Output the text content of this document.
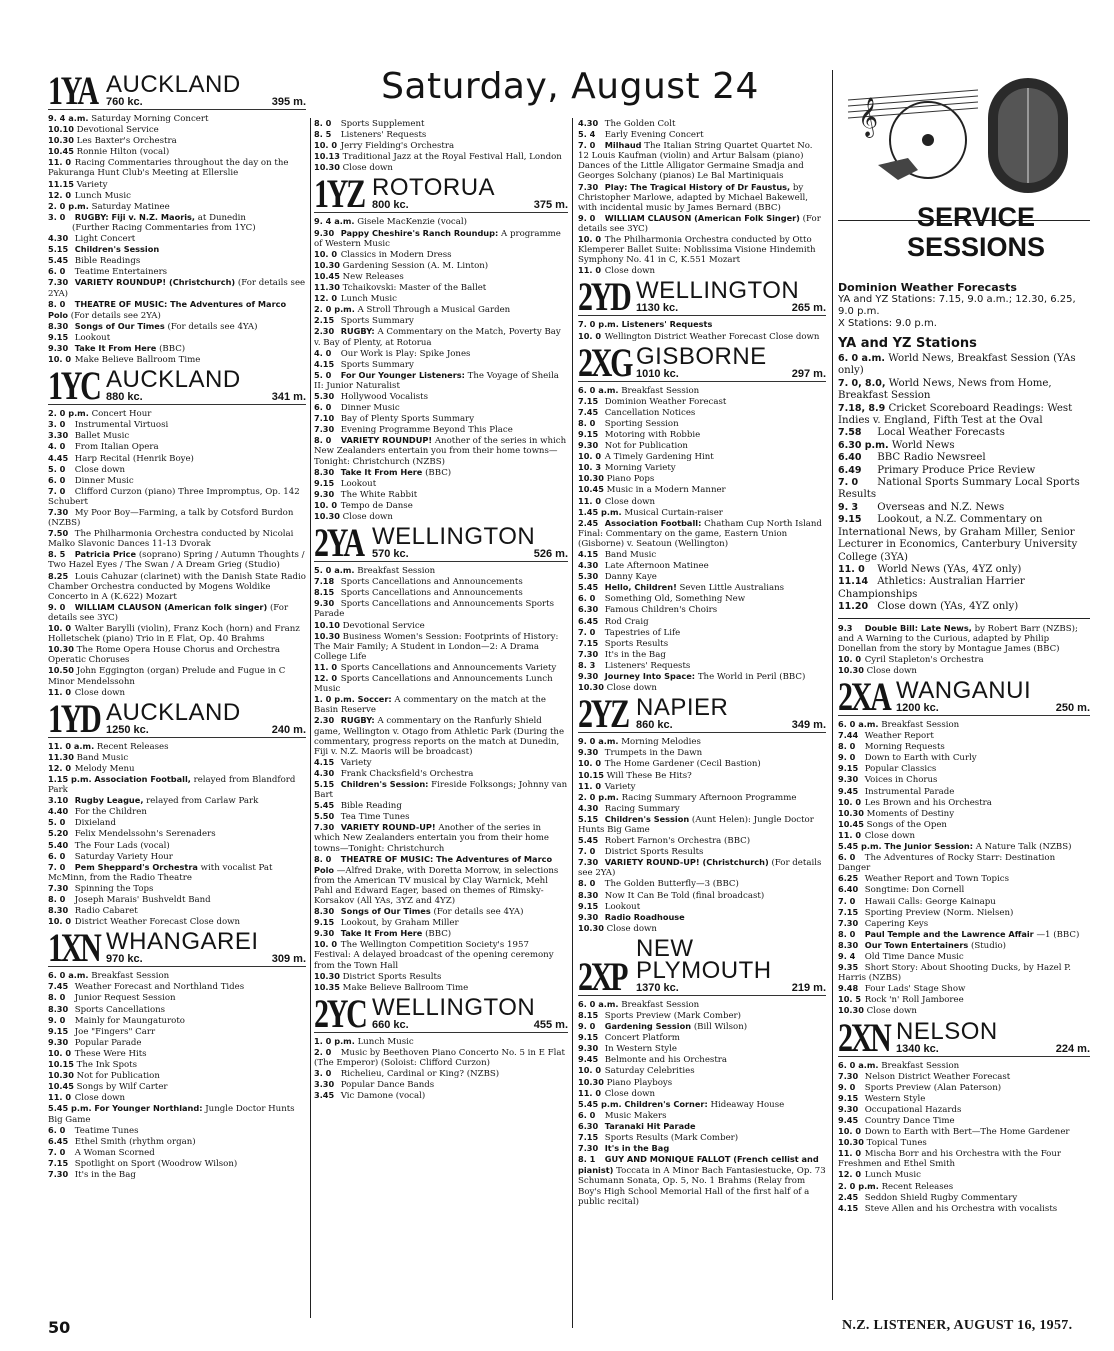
Saturday, August 24
1YA AUCKLAND
760 kc.	395 m.

9. 4 a.m. Saturday Morning Concert

10.10 Devotional Service

10.30 Les Baxter's Orchestra

10.45 Ronnie Hilton (vocal)

11. 0 Racing Commentaries throughout the day on the Pakuranga Hunt Club's Meeting at Ellerslie

11.15 Variety

12. 0 Lunch Music

2. 0 p.m. Saturday Matinee

3. 0 RUGBY: Fiji v. N.Z. Maoris, at Dunedin

(Further Racing Commentaries from 1YC)

4.30 Light Concert

5.15 Children's Session

5.45 Bible Readings

6. 0 Teatime Entertainers

7.30 VARIETY ROUNDUP! (Christchurch) (For details see 2YA)

8. 0 THEATRE OF MUSIC: The Adventures of Marco Polo (For details see 2YA)

8.30 Songs of Our Times (For details see 4YA)

9.15 Lookout

9.30 Take It From Here (BBC)

10. 0 Make Believe Ballroom Time

1YC AUCKLAND
880 kc.	341 m.

2. 0 p.m. Concert Hour

3. 0 Instrumental Virtuosi

3.30 Ballet Music

4. 0 From Italian Opera

4.45 Harp Recital (Henrik Boye)

5. 0 Close down

6. 0 Dinner Music

7. 0 Clifford Curzon (piano) Three Impromptus, Op. 142 Schubert

7.30 My Poor Boy—Farming, a talk by Cotsford Burdon (NZBS)

7.50 The Philharmonia Orchestra conducted by Nicolai Malko Slavonic Dances 11-13 Dvorak

8. 5 Patricia Price (soprano) Spring / Autumn Thoughts / Two Hazel Eyes / The Swan / A Dream Grieg (Studio)

8.25 Louis Cahuzar (clarinet) with the Danish State Radio Chamber Orchestra conducted by Mogens Woldike Concerto in A (K.622) Mozart

9. 0 WILLIAM CLAUSON (American folk singer) (For details see 3YC)

10. 0 Walter Barylli (violin), Franz Koch (horn) and Franz Holletschek (piano) Trio in E Flat, Op. 40 Brahms

10.30 The Rome Opera House Chorus and Orchestra Operatic Choruses

10.50 John Eggington (organ) Prelude and Fugue in C Minor Mendelssohn

11. 0 Close down

1YD AUCKLAND
1250 kc.	240 m.

11. 0 a.m. Recent Releases

11.30 Band Music

12. 0 Melody Menu

1.15 p.m. Association Football, relayed from Blandford Park

3.10 Rugby League, relayed from Carlaw Park

4.40 For the Children

5. 0 Dixieland

5.20 Felix Mendelssohn's Serenaders

5.40 The Four Lads (vocal)

6. 0 Saturday Variety Hour

7. 0 Pem Sheppard's Orchestra with vocalist Pat McMinn, from the Radio Theatre

7.30 Spinning the Tops

8. 0 Joseph Marais' Bushveldt Band

8.30 Radio Cabaret

10. 0 District Weather Forecast Close down

1XN WHANGAREI
970 kc.	309 m.

6. 0 a.m. Breakfast Session

7.45 Weather Forecast and Northland Tides

8. 0 Junior Request Session

8.30 Sports Cancellations

9. 0 Mainly for Maungaturoto

9.15 Joe "Fingers" Carr

9.30 Popular Parade

10. 0 These Were Hits

10.15 The Ink Spots

10.30 Not for Publication

10.45 Songs by Wilf Carter

11. 0 Close down

5.45 p.m. For Younger Northland: Jungle Doctor Hunts Big Game

6. 0 Teatime Tunes

6.45 Ethel Smith (rhythm organ)

7. 0 A Woman Scorned

7.15 Spotlight on Sport (Woodrow Wilson)

7.30 It's in the Bag

8. 0 Sports Supplement

8. 5 Listeners' Requests

10. 0 Jerry Fielding's Orchestra

10.13 Traditional Jazz at the Royal Festival Hall, London

10.30 Close down

1YZ ROTORUA
800 kc.	375 m.

9. 4 a.m. Gisele MacKenzie (vocal)

9.30 Pappy Cheshire's Ranch Roundup: A programme of Western Music

10. 0 Classics in Modern Dress

10.30 Gardening Session (A. M. Linton)

10.45 New Releases

11.30 Tchaikovski: Master of the Ballet

12. 0 Lunch Music

2. 0 p.m. A Stroll Through a Musical Garden

2.15 Sports Summary

2.30 RUGBY: A Commentary on the Match, Poverty Bay v. Bay of Plenty, at Rotorua

4. 0 Our Work is Play: Spike Jones

4.15 Sports Summary

5. 0 For Our Younger Listeners: The Voyage of Sheila II: Junior Naturalist

5.30 Hollywood Vocalists

6. 0 Dinner Music

7.10 Bay of Plenty Sports Summary

7.30 Evening Programme Beyond This Place

8. 0 VARIETY ROUNDUP! Another of the series in which New Zealanders entertain you from their home towns—Tonight: Christchurch (NZBS)

8.30 Take It From Here (BBC)

9.15 Lookout

9.30 The White Rabbit

10. 0 Tempo de Danse

10.30 Close down

2YA WELLINGTON
570 kc.	526 m.

5. 0 a.m. Breakfast Session

7.18 Sports Cancellations and Announcements

8.15 Sports Cancellations and Announcements

9.30 Sports Cancellations and Announcements Sports Parade

10.10 Devotional Service

10.30 Business Women's Session: Footprints of History: The Mair Family; A Student in London—2: A Drama College Life

11. 0 Sports Cancellations and Announcements Variety

12. 0 Sports Cancellations and Announcements Lunch Music

1. 0 p.m. Soccer: A commentary on the match at the Basin Reserve

2.30 RUGBY: A commentary on the Ranfurly Shield game, Wellington v. Otago from Athletic Park (During the commentary, progress reports on the match at Dunedin, Fiji v. N.Z. Maoris will be broadcast)

4.15 Variety

4.30 Frank Chacksfield's Orchestra

5.15 Children's Session: Fireside Folksongs; Johnny van Bart

5.45 Bible Reading

5.50 Tea Time Tunes

7.30 VARIETY ROUND-UP! Another of the series in which New Zealanders entertain you from their home towns—Tonight: Christchurch

8. 0 THEATRE OF MUSIC: The Adventures of Marco Polo —Alfred Drake, with Doretta Morrow, in selections from the American TV musical by Clay Warnick, Mehl Pahl and Edward Eager, based on themes of Rimsky-Korsakov (All YAs, 3YZ and 4YZ)

8.30 Songs of Our Times (For details see 4YA)

9.15 Lookout, by Graham Miller

9.30 Take It From Here (BBC)

10. 0 The Wellington Competition Society's 1957 Festival: A delayed broadcast of the opening ceremony from the Town Hall

10.30 District Sports Results

10.35 Make Believe Ballroom Time

2YC WELLINGTON
660 kc.	455 m.

1. 0 p.m. Lunch Music

2. 0 Music by Beethoven Piano Concerto No. 5 in E Flat (The Emperor) (Soloist: Clifford Curzon)

3. 0 Richelieu, Cardinal or King? (NZBS)

3.30 Popular Dance Bands

3.45 Vic Damone (vocal)

4.30 The Golden Colt

5. 4 Early Evening Concert

7. 0 Milhaud The Italian String Quartet Quartet No. 12 Louis Kaufman (violin) and Artur Balsam (piano) Dances of the Little Alligator Germaine Smadja and Georges Solchany (pianos) Le Bal Martiniquais

7.30 Play: The Tragical History of Dr Faustus, by Christopher Marlowe, adapted by Michael Bakewell, with incidental music by James Bernard (BBC)

9. 0 WILLIAM CLAUSON (American Folk Singer) (For details see 3YC)

10. 0 The Philharmonia Orchestra conducted by Otto Klemperer Ballet Suite: Noblissima Visione Hindemith Symphony No. 41 in C, K.551 Mozart

11. 0 Close down

2YD WELLINGTON
1130 kc.	265 m.

7. 0 p.m. Listeners' Requests

10. 0 Wellington District Weather Forecast Close down

2XG GISBORNE
1010 kc.	297 m.

6. 0 a.m. Breakfast Session

7.15 Dominion Weather Forecast

7.45 Cancellation Notices

8. 0 Sporting Session

9.15 Motoring with Robbie

9.30 Not for Publication

10. 0 A Timely Gardening Hint

10. 3 Morning Variety

10.30 Piano Pops

10.45 Music in a Modern Manner

11. 0 Close down

1.45 p.m. Musical Curtain-raiser

2.45 Association Football: Chatham Cup North Island Final: Commentary on the game, Eastern Union (Gisborne) v. Seatoun (Wellington)

4.15 Band Music

4.30 Late Afternoon Matinee

5.30 Danny Kaye

5.45 Hello, Children! Seven Little Australians

6. 0 Something Old, Something New

6.30 Famous Children's Choirs

6.45 Rod Craig

7. 0 Tapestries of Life

7.15 Sports Results

7.30 It's in the Bag

8. 3 Listeners' Requests

9.30 Journey Into Space: The World in Peril (BBC)

10.30 Close down

2YZ NAPIER
860 kc.	349 m.

9. 0 a.m. Morning Melodies

9.30 Trumpets in the Dawn

10. 0 The Home Gardener (Cecil Bastion)

10.15 Will These Be Hits?

11. 0 Variety

2. 0 p.m. Racing Summary Afternoon Programme

4.30 Racing Summary

5.15 Children's Session (Aunt Helen): Jungle Doctor Hunts Big Game

5.45 Robert Farnon's Orchestra (BBC)

7. 0 District Sports Results

7.30 VARIETY ROUND-UP! (Christchurch) (For details see 2YA)

8. 0 The Golden Butterfly—3 (BBC)

8.30 Now It Can Be Told (final broadcast)

9.15 Lookout

9.30 Radio Roadhouse

10.30 Close down

2XP
NEW PLYMOUTH
1370 kc.	219 m.

6. 0 a.m. Breakfast Session

8.15 Sports Preview (Mark Comber)

9. 0 Gardening Session (Bill Wilson)

9.15 Concert Platform

9.30 In Western Style

9.45 Belmonte and his Orchestra

10. 0 Saturday Celebrities

10.30 Piano Playboys

11. 0 Close down

5.45 p.m. Children's Corner: Hideaway House

6. 0 Music Makers

6.30 Taranaki Hit Parade

7.15 Sports Results (Mark Comber)

7.30 It's in the Bag

8. 1 GUY AND MONIQUE FALLOT (French cellist and pianist) Toccata in A Minor Bach Fantasiestucke, Op. 73 Schumann Sonata, Op. 5, No. 1 Brahms (Relay from Boy's High School Memorial Hall of the first half of a public recital)

𝄞
SERVICE SESSIONS
Dominion Weather Forecasts
YA and YZ Stations: 7.15, 9.0 a.m.; 12.30, 6.25, 9.0 p.m.
X Stations: 9.0 p.m.
YA and YZ Stations

6. 0 a.m. World News, Breakfast Session (YAs only)

7. 0, 8.0, World News, News from Home, Breakfast Session

7.18, 8.9 Cricket Scoreboard Readings: West Indies v. England, Fifth Test at the Oval

7.58 Local Weather Forecasts

6.30 p.m. World News

6.40 BBC Radio Newsreel

6.49 Primary Produce Price Review

7. 0 National Sports Summary Local Sports Results

9. 3 Overseas and N.Z. News

9.15 Lookout, a N.Z. Commentary on International News, by Graham Miller, Senior Lecturer in Economics, Canterbury University College (3YA)

11. 0 World News (YAs, 4YZ only)

11.14 Athletics: Australian Harrier Championships

11.20 Close down (YAs, 4YZ only)

9.3 Double Bill: Late News, by Robert Barr (NZBS); and A Warning to the Curious, adapted by Philip Donellan from the story by Montague James (BBC)

10. 0 Cyril Stapleton's Orchestra

10.30 Close down

2XA WANGANUI
1200 kc.	250 m.

6. 0 a.m. Breakfast Session

7.44 Weather Report

8. 0 Morning Requests

9. 0 Down to Earth with Curly

9.15 Popular Classics

9.30 Voices in Chorus

9.45 Instrumental Parade

10. 0 Les Brown and his Orchestra

10.30 Moments of Destiny

10.45 Songs of the Open

11. 0 Close down

5.45 p.m. The Junior Session: A Nature Talk (NZBS)

6. 0 The Adventures of Rocky Starr: Destination Danger

6.25 Weather Report and Town Topics

6.40 Songtime: Don Cornell

7. 0 Hawaii Calls: George Kainapu

7.15 Sporting Preview (Norm. Nielsen)

7.30 Capering Keys

8. 0 Paul Temple and the Lawrence Affair —1 (BBC)

8.30 Our Town Entertainers (Studio)

9. 4 Old Time Dance Music

9.35 Short Story: About Shooting Ducks, by Hazel P. Harris (NZBS)

9.48 Four Lads' Stage Show

10. 5 Rock 'n' Roll Jamboree

10.30 Close down

2XN NELSON
1340 kc.	224 m.

6. 0 a.m. Breakfast Session

7.30 Nelson District Weather Forecast

9. 0 Sports Preview (Alan Paterson)

9.15 Western Style

9.30 Occupational Hazards

9.45 Country Dance Time

10. 0 Down to Earth with Bert—The Home Gardener

10.30 Topical Tunes

11. 0 Mischa Borr and his Orchestra with the Four Freshmen and Ethel Smith

12. 0 Lunch Music

2. 0 p.m. Recent Releases

2.45 Seddon Shield Rugby Commentary

4.15 Steve Allen and his Orchestra with vocalists

50	N.Z. LISTENER, AUGUST 16, 1957.
